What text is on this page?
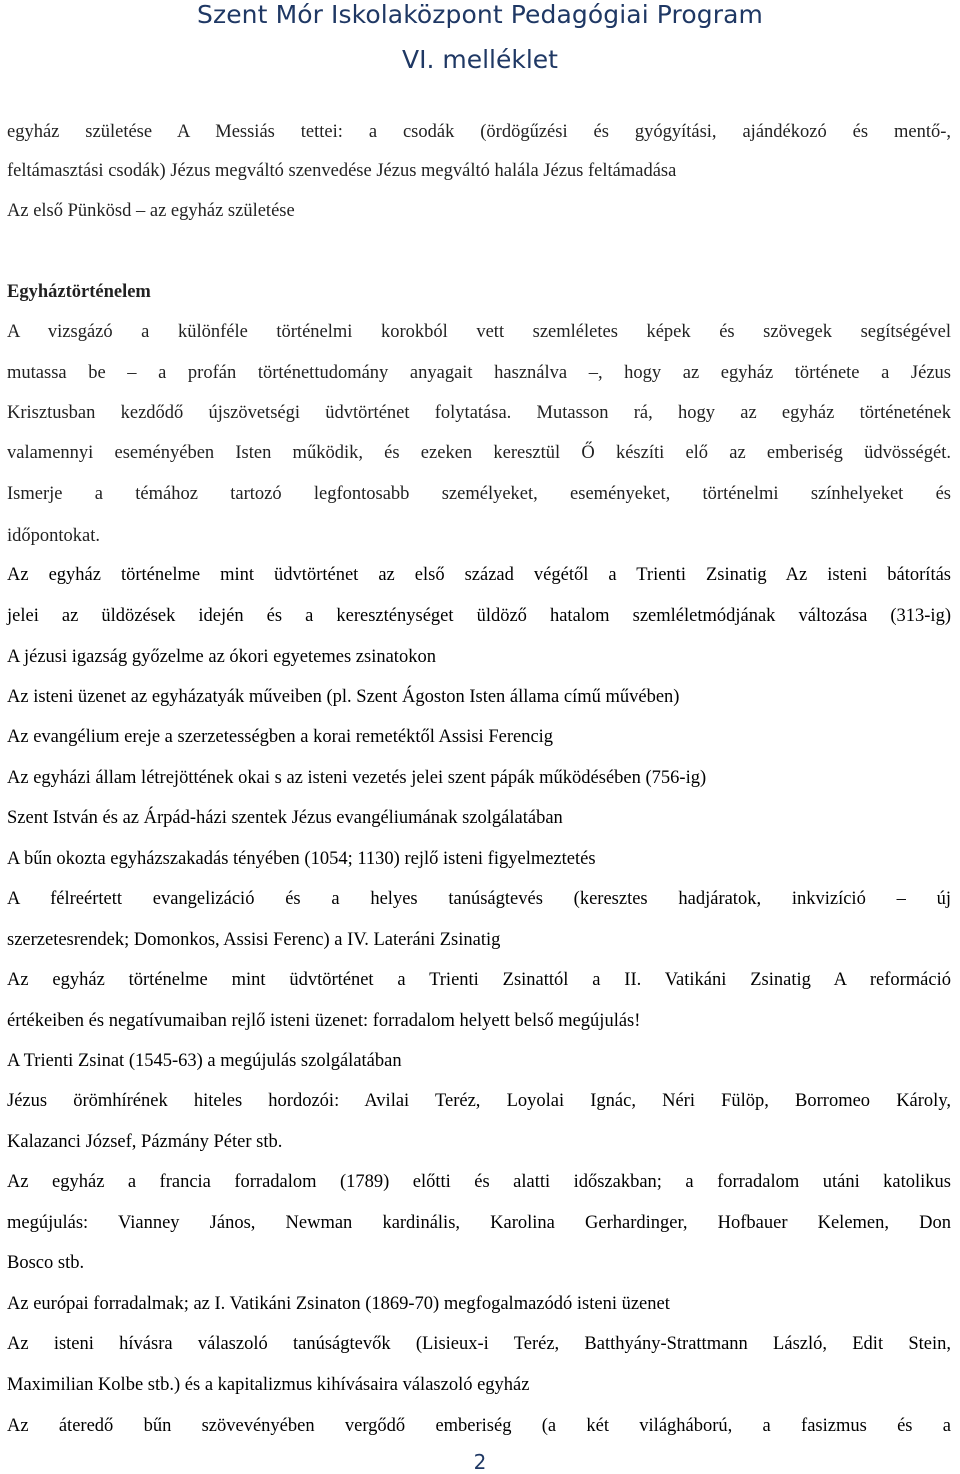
Szent Mór Iskolaközpont Pedagógiai Program
VI. melléklet
egyház születése A Messiás tettei: a csodák (ördögűzési és gyógyítási, ajándékozó és mentő-,
feltámasztási csodák) Jézus megváltó szenvedése Jézus megváltó halála Jézus feltámadása
Az első Pünkösd – az egyház születése
Egyháztörténelem
A vizsgázó a különféle történelmi korokból vett szemléletes képek és szövegek segítségével
mutassa be – a profán történettudomány anyagait használva –, hogy az egyház története a Jézus
Krisztusban kezdődő újszövetségi üdvtörténet folytatása. Mutasson rá, hogy az egyház történetének
valamennyi eseményében Isten működik, és ezeken keresztül Ő készíti elő az emberiség üdvösségét.
Ismerje a témához tartozó legfontosabb személyeket, eseményeket, történelmi színhelyeket és
időpontokat.
Az egyház történelme mint üdvtörténet az első század végétől a Trienti Zsinatig Az isteni bátorítás
jelei az üldözések idején és a kereszténységet üldöző hatalom szemléletmódjának változása (313-ig)
A jézusi igazság győzelme az ókori egyetemes zsinatokon
Az isteni üzenet az egyházatyák műveiben (pl. Szent Ágoston Isten állama című művében)
Az evangélium ereje a szerzetességben a korai remetéktől Assisi Ferencig
Az egyházi állam létrejöttének okai s az isteni vezetés jelei szent pápák működésében (756-ig)
Szent István és az Árpád-házi szentek Jézus evangéliumának szolgálatában
A bűn okozta egyházszakadás tényében (1054; 1130) rejlő isteni figyelmeztetés
A félreértett evangelizáció és a helyes tanúságtevés (keresztes hadjáratok, inkvizíció – új
szerzetesrendek; Domonkos, Assisi Ferenc) a IV. Lateráni Zsinatig
Az egyház történelme mint üdvtörténet a Trienti Zsinattól a II. Vatikáni Zsinatig A reformáció
értékeiben és negatívumaiban rejlő isteni üzenet: forradalom helyett belső megújulás!
A Trienti Zsinat (1545-63) a megújulás szolgálatában
Jézus örömhírének hiteles hordozói: Avilai Teréz, Loyolai Ignác, Néri Fülöp, Borromeo Károly,
Kalazanci József, Pázmány Péter stb.
Az egyház a francia forradalom (1789) előtti és alatti időszakban; a forradalom utáni katolikus
megújulás: Vianney János, Newman kardinális, Karolina Gerhardinger, Hofbauer Kelemen, Don
Bosco stb.
Az európai forradalmak; az I. Vatikáni Zsinaton (1869-70) megfogalmazódó isteni üzenet
Az isteni hívásra válaszoló tanúságtevők (Lisieux-i Teréz, Batthyány-Strattmann László, Edit Stein,
Maximilian Kolbe stb.) és a kapitalizmus kihívásaira válaszoló egyház
Az áteredő bűn szövevényében vergődő emberiség (a két világháború, a fasizmus és a
2
